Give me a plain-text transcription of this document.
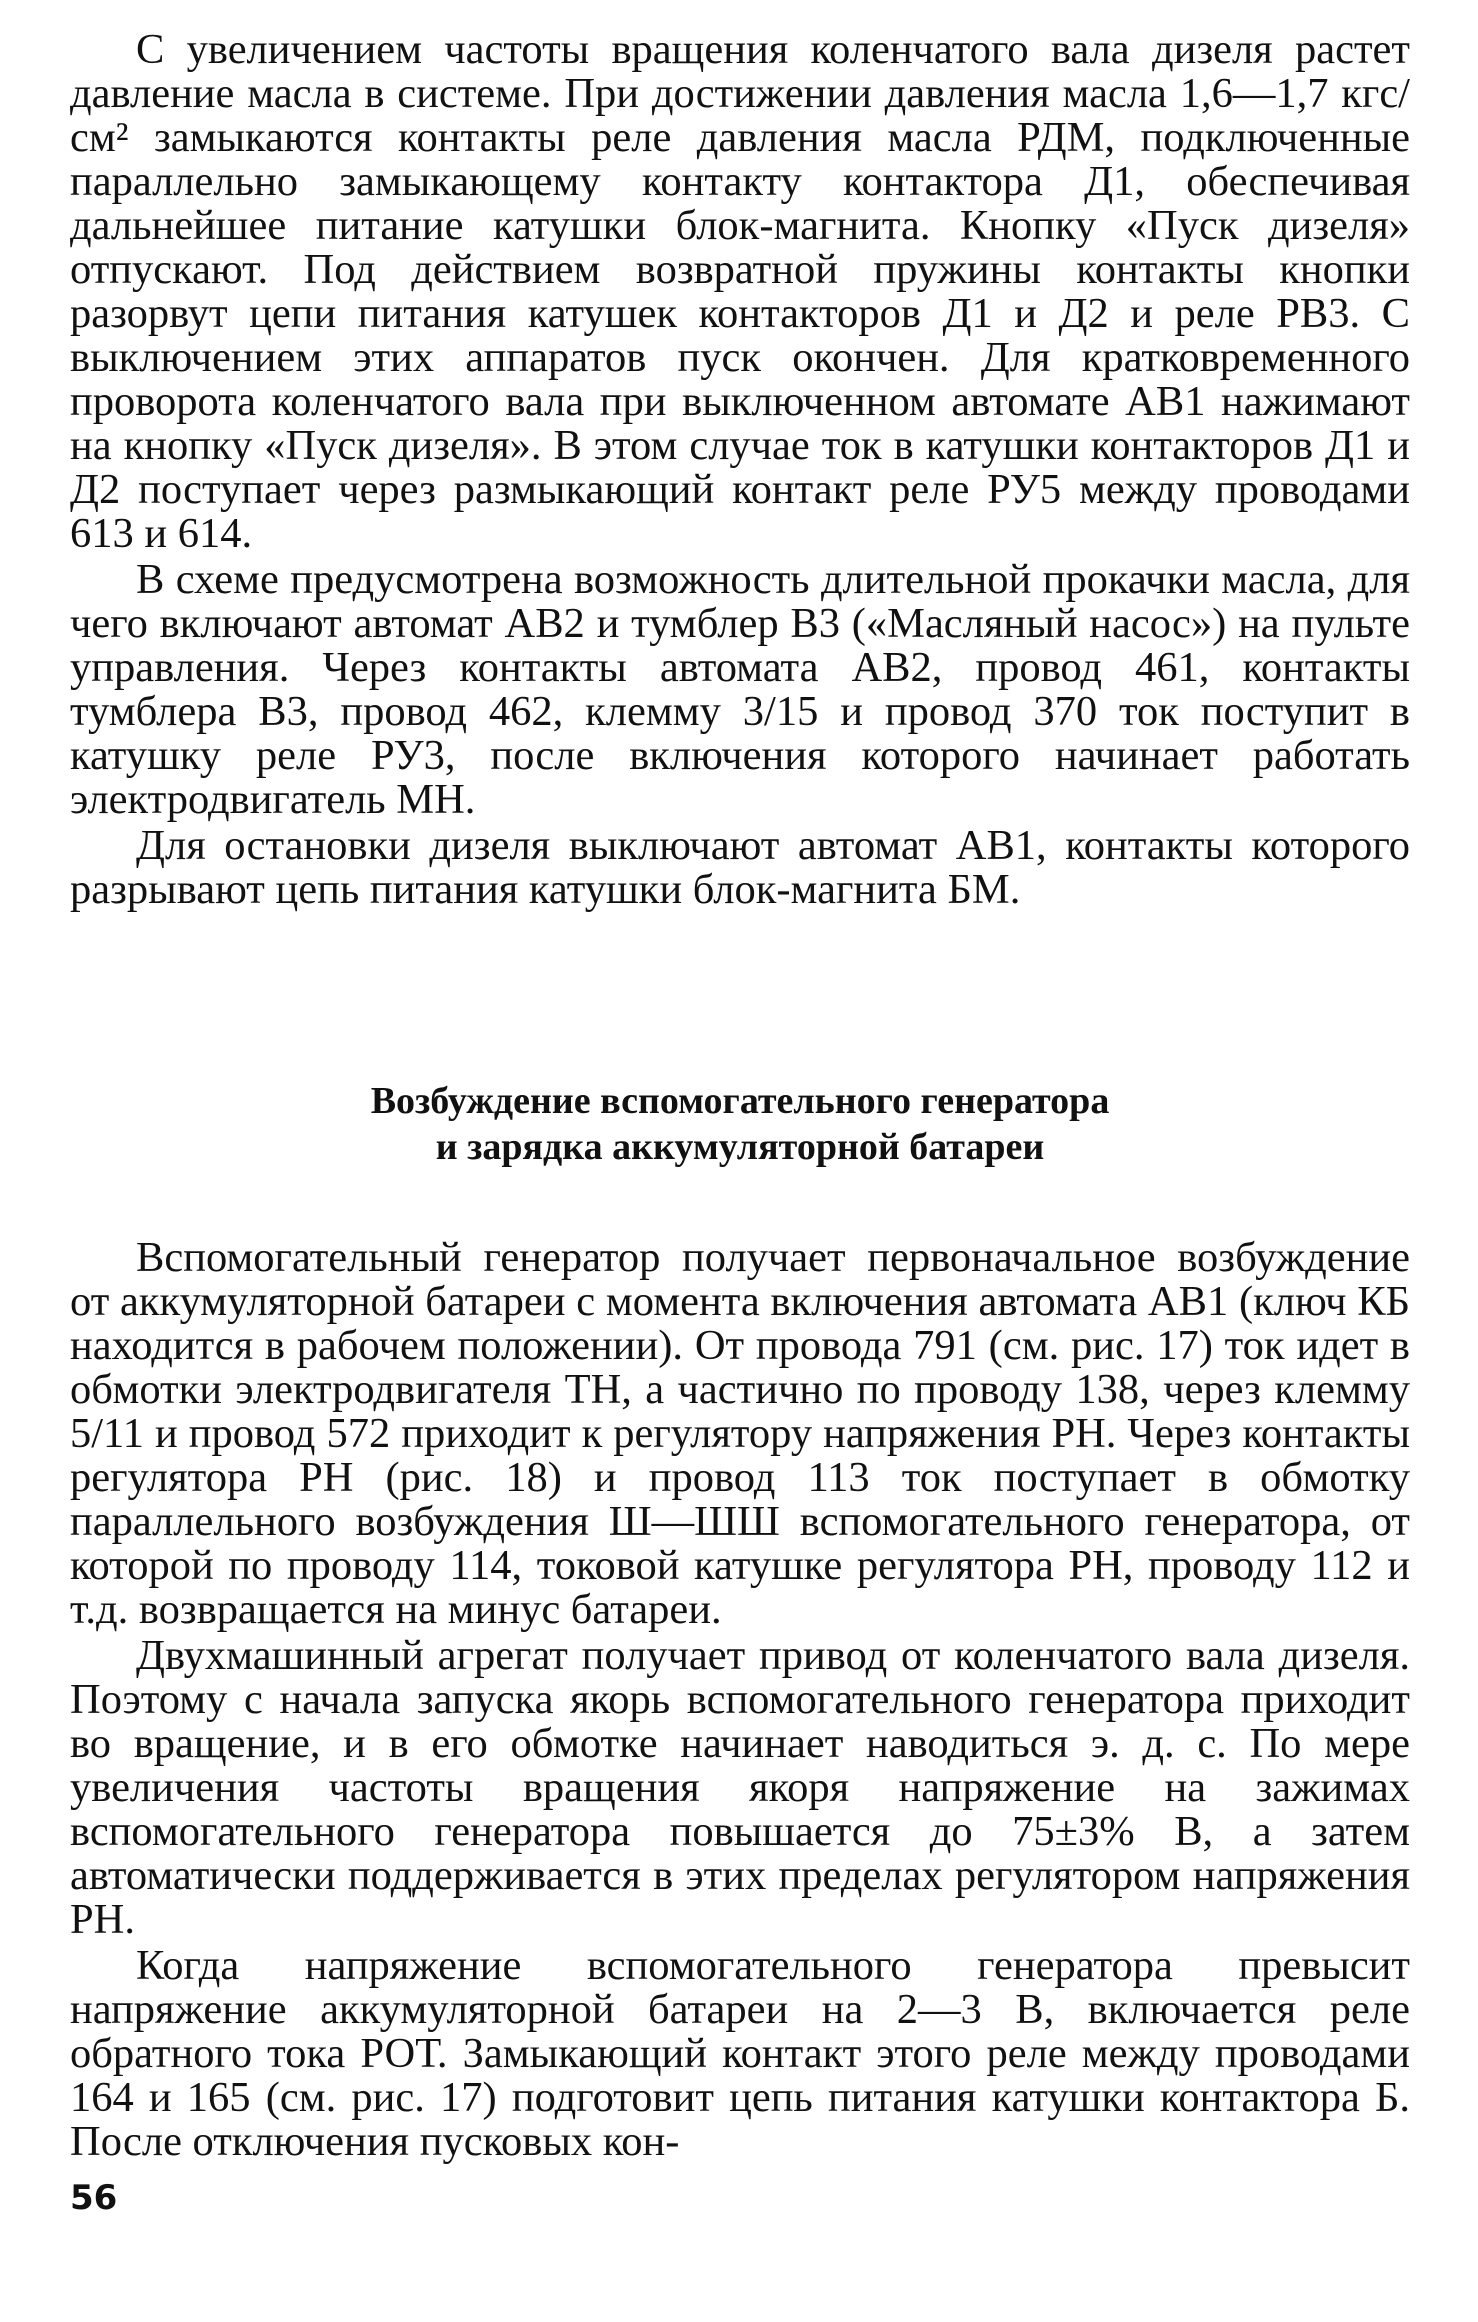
С увеличением частоты вращения коленчатого вала дизеля растет давление масла в системе. При достижении давления масла 1,6—1,7 кгс/см² замыкаются контакты реле давления масла РДМ, подключенные параллельно замыкающему контакту контактора Д1, обеспечивая дальнейшее питание катушки блок-магнита. Кнопку «Пуск дизеля» отпускают. Под действием возвратной пружины контакты кнопки разорвут цепи питания катушек контакторов Д1 и Д2 и реле РВ3. С выключением этих аппаратов пуск окончен. Для кратковременного проворота коленчатого вала при выключенном автомате АВ1 нажимают на кнопку «Пуск дизеля». В этом случае ток в катушки контакторов Д1 и Д2 поступает через размыкающий контакт реле РУ5 между проводами 613 и 614.

В схеме предусмотрена возможность длительной прокачки масла, для чего включают автомат АВ2 и тумблер В3 («Масляный насос») на пульте управления. Через контакты автомата АВ2, провод 461, контакты тумблера В3, провод 462, клемму 3/15 и провод 370 ток поступит в катушку реле РУ3, после включения которого начинает работать электродвигатель МН.

Для остановки дизеля выключают автомат АВ1, контакты которого разрывают цепь питания катушки блок-магнита БМ.

Возбуждение вспомогательного генератора
и зарядка аккумуляторной батареи

Вспомогательный генератор получает первоначальное возбуждение от аккумуляторной батареи с момента включения автомата АВ1 (ключ КБ находится в рабочем положении). От провода 791 (см. рис. 17) ток идет в обмотки электродвигателя ТН, а частично по проводу 138, через клемму 5/11 и провод 572 приходит к регулятору напряжения РН. Через контакты регулятора РН (рис. 18) и провод 113 ток поступает в обмотку параллельного возбуждения Ш—ШШ вспомогательного генератора, от которой по проводу 114, токовой катушке регулятора РН, проводу 112 и т.д. возвращается на минус батареи.

Двухмашинный агрегат получает привод от коленчатого вала дизеля. Поэтому с начала запуска якорь вспомогательного генератора приходит во вращение, и в его обмотке начинает наводиться э. д. с. По мере увеличения частоты вращения якоря напряжение на зажимах вспомогательного генератора повышается до 75±3% В, а затем автоматически поддерживается в этих пределах регулятором напряжения РН.

Когда напряжение вспомогательного генератора превысит напряжение аккумуляторной батареи на 2—3 В, включается реле обратного тока РОТ. Замыкающий контакт этого реле между проводами 164 и 165 (см. рис. 17) подготовит цепь питания катушки контактора Б. После отключения пусковых кон-

56
